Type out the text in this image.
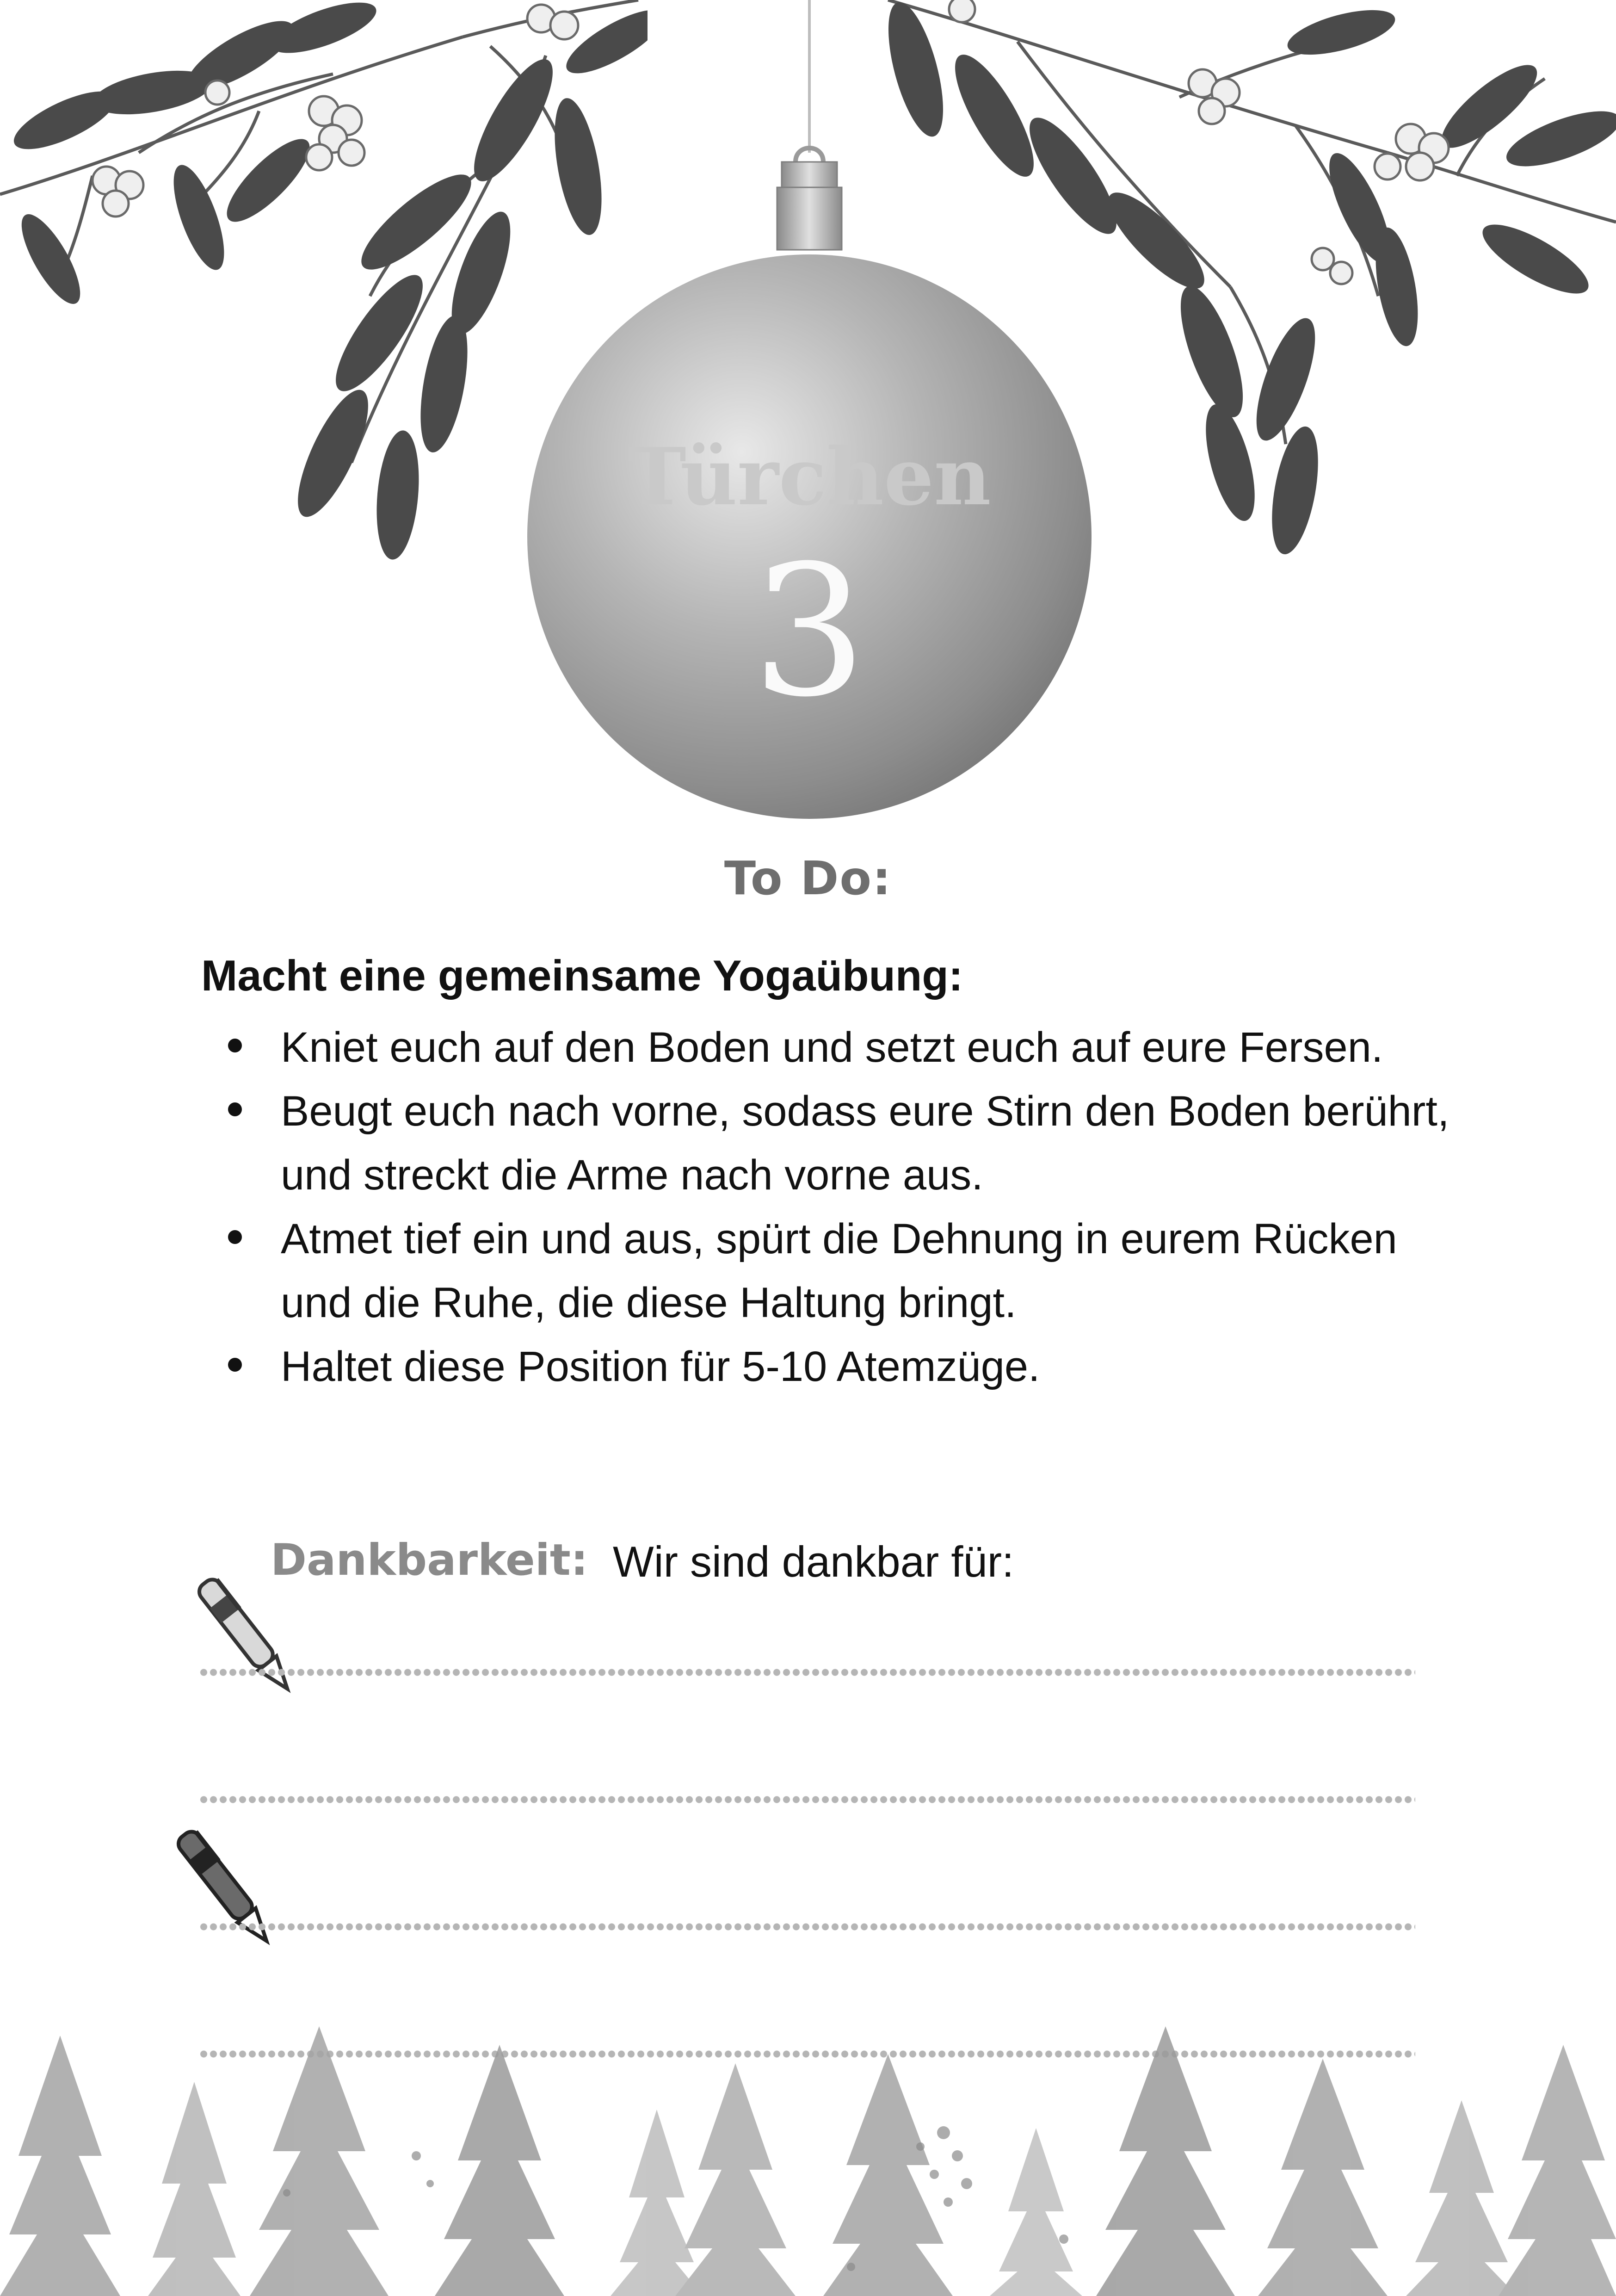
Türchen
3
To Do:
Macht eine gemeinsame Yogaübung:
Kniet euch auf den Boden und setzt euch auf eure Fersen.
Beugt euch nach vorne, sodass eure Stirn den Boden berührt, und streckt die Arme nach vorne aus.
Atmet tief ein und aus, spürt die Dehnung in eurem Rücken und die Ruhe, die diese Haltung bringt.
Haltet diese Position für 5-10 Atemzüge.
Dankbarkeit: Wir sind dankbar für:
